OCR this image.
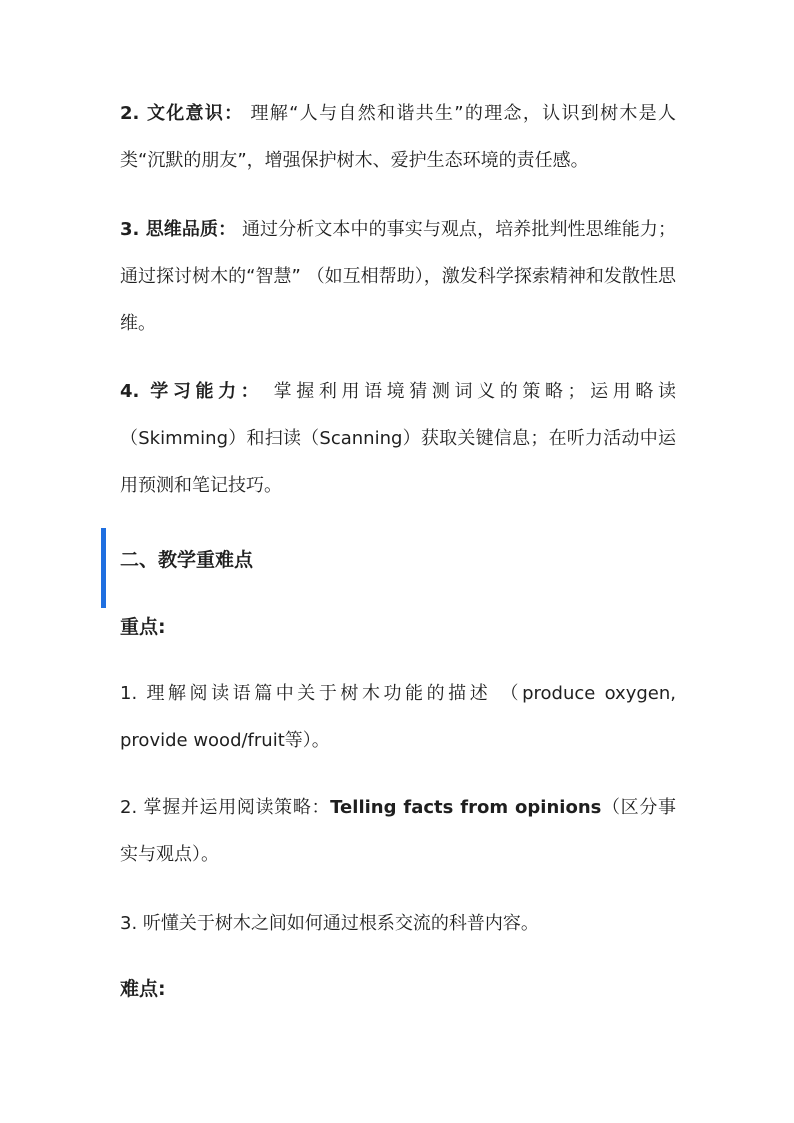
2. 文化意识： 理解“人与自然和谐共生”的理念，认识到树木是人类“沉默的朋友”，增强保护树木、爱护生态环境的责任感。

3. 思维品质： 通过分析文本中的事实与观点，培养批判性思维能力；通过探讨树木的“智慧” （如互相帮助），激发科学探索精神和发散性思维。

4. 学习能力： 掌握利用语境猜测词义的策略；运用略读（Skimming）和扫读（Scanning）获取关键信息；在听力活动中运用预测和笔记技巧。

二、教学重难点

重点:

1. 理解阅读语篇中关于树木功能的描述 （produce oxygen, provide wood/fruit等）。

2. 掌握并运用阅读策略：Telling facts from opinions（区分事实与观点）。

3. 听懂关于树木之间如何通过根系交流的科普内容。

难点:
